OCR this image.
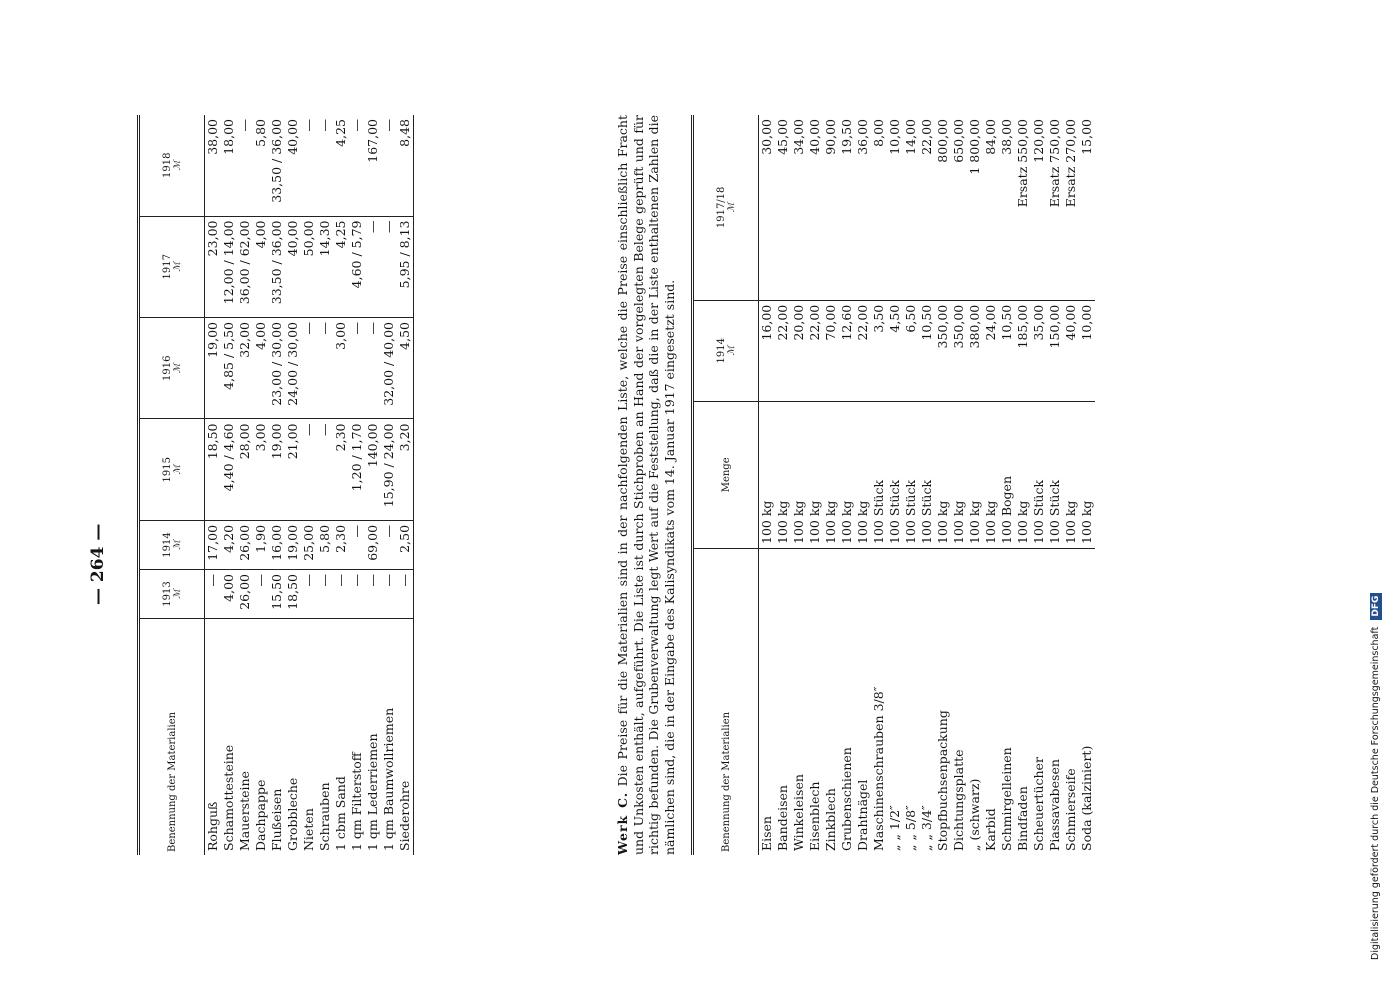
— 264 —
Benennung der Materialien	1913 ℳ	1914 ℳ	1915 ℳ	1916 ℳ	1917 ℳ	1918 ℳ

Rohguß	—	17,00	18,50	19,00	23,00	38,00
Schamottesteine	4,00	4,20	4,40 / 4,60	4,85 / 5,50	12,00 / 14,00	18,00
Mauersteine	26,00	26,00	28,00	32,00	36,00 / 62,00	—
Dachpappe	—	1,90	3,00	4,00	4,00	5,80
Flußeisen	15,50	16,00	19,00	23,00 / 30,00	33,50 / 36,00	33,50 / 36,00
Grobbleche	18,50	19,00	21,00	24,00 / 30,00	40,00	40,00
Nieten	—	25,00	—	—	50,00	—
Schrauben	—	5,80	—	—	14,30	—
1 cbm Sand	—	2,30	2,30	3,00	4,25	4,25
1 qm Filterstoff	—	—	1,20 / 1,70	—	4,60 / 5,79	—
1 qm Lederriemen	—	69,00	140,00	—	—	167,00
1 qm Baumwollriemen	—	—	15,90 / 24,00	32,00 / 40,00	—	—
Siederohre	—	2,50	3,20	4,50	5,95 / 8,13	8,48
Werk C. Die Preise für die Materialien sind in der nachfolgenden Liste, welche die Preise einschließlich Fracht und Unkosten enthält, aufgeführt. Die Liste ist durch Stichproben an Hand der vorgelegten Belege geprüft und für richtig befunden. Die Grubenverwaltung legt Wert auf die Feststellung, daß die in der Liste enthaltenen Zahlen die nämlichen sind, die in der Eingabe des Kalisyndikats vom 14. Januar 1917 eingesetzt sind.	Benennung der Materialien	Menge	1914 ℳ	1917/18 ℳ

Eisen	100 kg	16,00	30,00
Bandeisen	100 kg	22,00	45,00
Winkeleisen	100 kg	20,00	34,00
Eisenblech	100 kg	22,00	40,00
Zinkblech	100 kg	70,00	90,00
Grubenschienen	100 kg	12,60	19,50
Drahtnägel	100 kg	22,00	36,00
Maschinenschrauben 3/8″	100 Stück	3,50	8,00
„ „ 1/2″	100 Stück	4,50	10,00
„ „ 5/8″	100 Stück	6,50	14,00
„ „ 3/4″	100 Stück	10,50	22,00
Stopfbuchsenpackung	100 kg	350,00	800,00
Dichtungsplatte	100 kg	350,00	650,00
„ (schwarz)	100 kg	380,00	1 800,00
Karbid	100 kg	24,00	84,00
Schmirgelleinen	100 Bogen	10,50	38,00
Bindfaden	100 kg	185,00	Ersatz 550,00
Scheuertücher	100 Stück	35,00	120,00
Piassavabesen	100 Stück	150,00	Ersatz 750,00
Schmierseife	100 kg	40,00	Ersatz 270,00
Soda (kalziniert)	100 kg	10,00	15,00
Digitalisierung gefördert durch die Deutsche Forschungsgemeinschaft DFG
